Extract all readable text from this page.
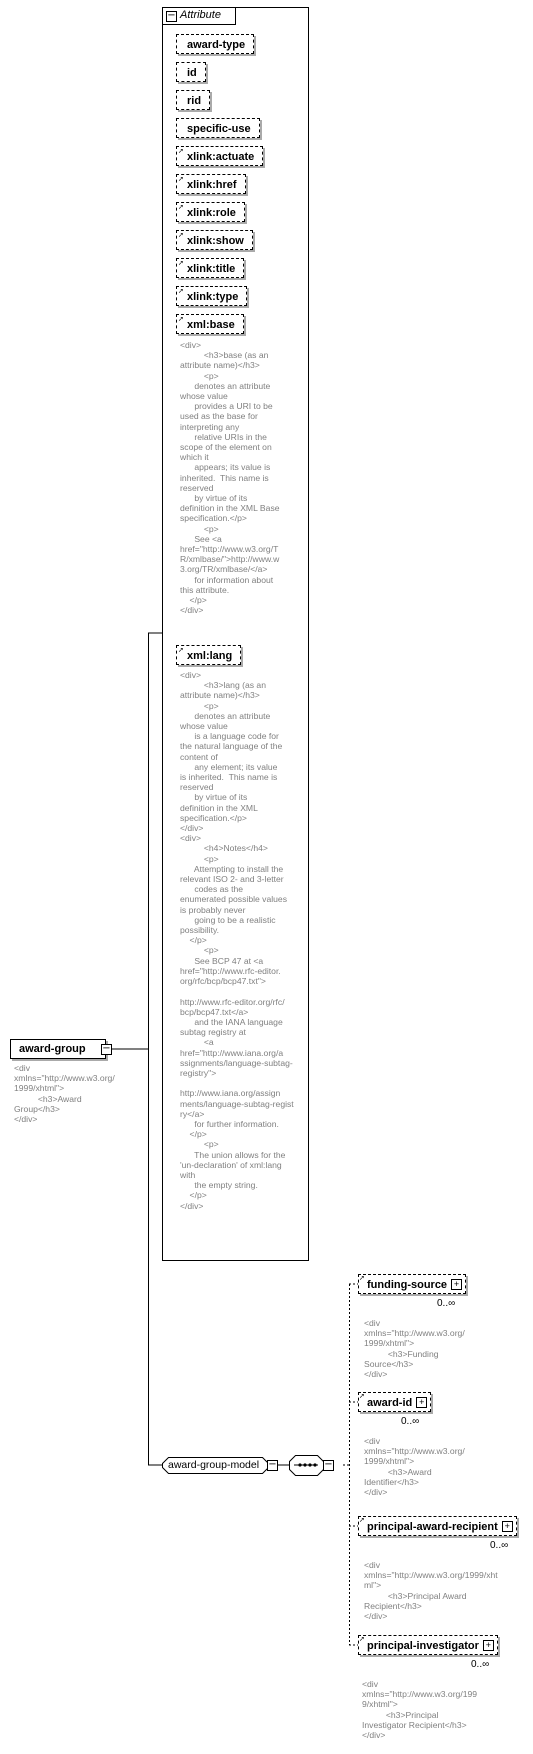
− Attribute
award-type
id
rid
specific-use
➚ xlink:actuate
➚ xlink:href
➚ xlink:role
➚ xlink:show
➚ xlink:title
➚ xlink:type
➚ xml:base
<div>
<h3>base (as an
attribute name)</h3>
<p>
denotes an attribute
whose value
provides a URI to be
used as the base for
interpreting any
relative URIs in the
scope of the element on
which it
appears; its value is
inherited.  This name is
reserved
by virtue of its
definition in the XML Base
specification.</p>
<p>
See <a
href="http://www.w3.org/T
R/xmlbase/">http://www.w
3.org/TR/xmlbase/</a>
for information about
this attribute.
</p>
</div>
➚ xml:lang
<div>
<h3>lang (as an
attribute name)</h3>
<p>
denotes an attribute
whose value
is a language code for
the natural language of the
content of
any element; its value
is inherited.  This name is
reserved
by virtue of its
definition in the XML
specification.</p>
</div>
<div>
<h4>Notes</h4>
<p>
Attempting to install the
relevant ISO 2- and 3-letter
codes as the
enumerated possible values
is probably never
going to be a realistic
possibility.
</p>
<p>
See BCP 47 at <a
href="http://www.rfc-editor.
org/rfc/bcp/bcp47.txt">

http://www.rfc-editor.org/rfc/
bcp/bcp47.txt</a>
and the IANA language
subtag registry at
<a
href="http://www.iana.org/a
ssignments/language-subtag-
registry">

http://www.iana.org/assign
ments/language-subtag-regist
ry</a>
for further information.
</p>
<p>
The union allows for the
'un-declaration' of xml:lang
with
the empty string.
</p>
</div>
award-group −
<div
xmlns="http://www.w3.org/
1999/xhtml">
<h3>Award
Group</h3>
</div>
award-group-model −	−
➚
funding-source +
0..∞
<div
xmlns="http://www.w3.org/
1999/xhtml">
<h3>Funding
Source</h3>
</div>
➚
award-id +
0..∞
<div
xmlns="http://www.w3.org/
1999/xhtml">
<h3>Award
Identifier</h3>
</div>
➚
principal-award-recipient +
0..∞
<div
xmlns="http://www.w3.org/1999/xht
ml">
<h3>Principal Award
Recipient</h3>
</div>
➚
principal-investigator +
0..∞
<div
xmlns="http://www.w3.org/199
9/xhtml">
<h3>Principal
Investigator Recipient</h3>
</div>
